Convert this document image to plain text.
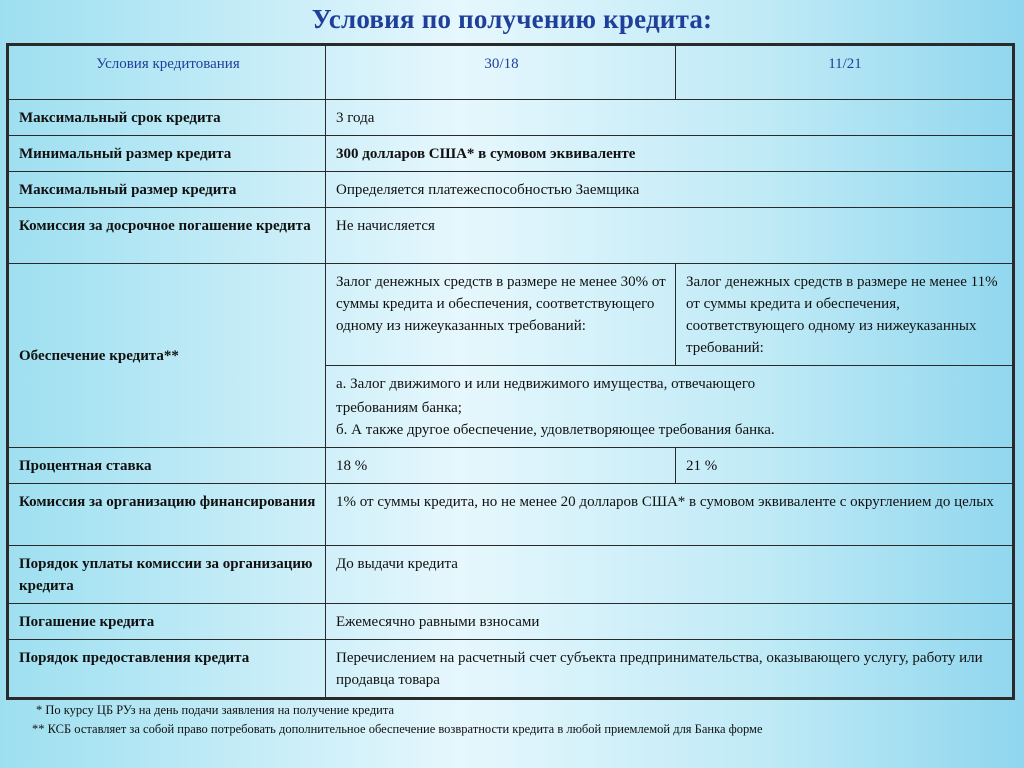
Условия по получению кредита:
Условия кредитования	30/18	11/21
Максимальный срок кредита	3 года	
Минимальный размер кредита	300 долларов США* в сумовом эквиваленте	
Максимальный размер кредита	Определяется платежеспособностью Заемщика	
Комиссия за досрочное погашение кредита	Не начисляется	
Обеспечение кредита**	Залог денежных средств в размере не менее 30% от суммы кредита и обеспечения, соответствующего одному из нижеуказанных требований:	Залог денежных средств в размере не менее 11% от суммы кредита и обеспечения, соответствующего одному из нижеуказанных требований:

	а. Залог движимого и или недвижимого имущества, отвечающего
требованиям банка;
б. А также другое обеспечение, удовлетворяющее требования банка.	

Процентная ставка	18 %	21 %
Комиссия за организацию финансирования	1% от суммы кредита, но не менее 20 долларов США* в сумовом эквиваленте с округлением до целых	
Порядок уплаты комиссии за организацию кредита	До выдачи кредита	
Погашение кредита	Ежемесячно равными взносами	
Порядок предоставления кредита	Перечислением на расчетный счет субъекта предпринимательства, оказывающего услугу, работу или продавца товара	
* По курсу ЦБ РУз на день подачи заявления на получение кредита
** КСБ оставляет за собой право потребовать дополнительное обеспечение возвратности кредита в любой приемлемой для Банка форме
